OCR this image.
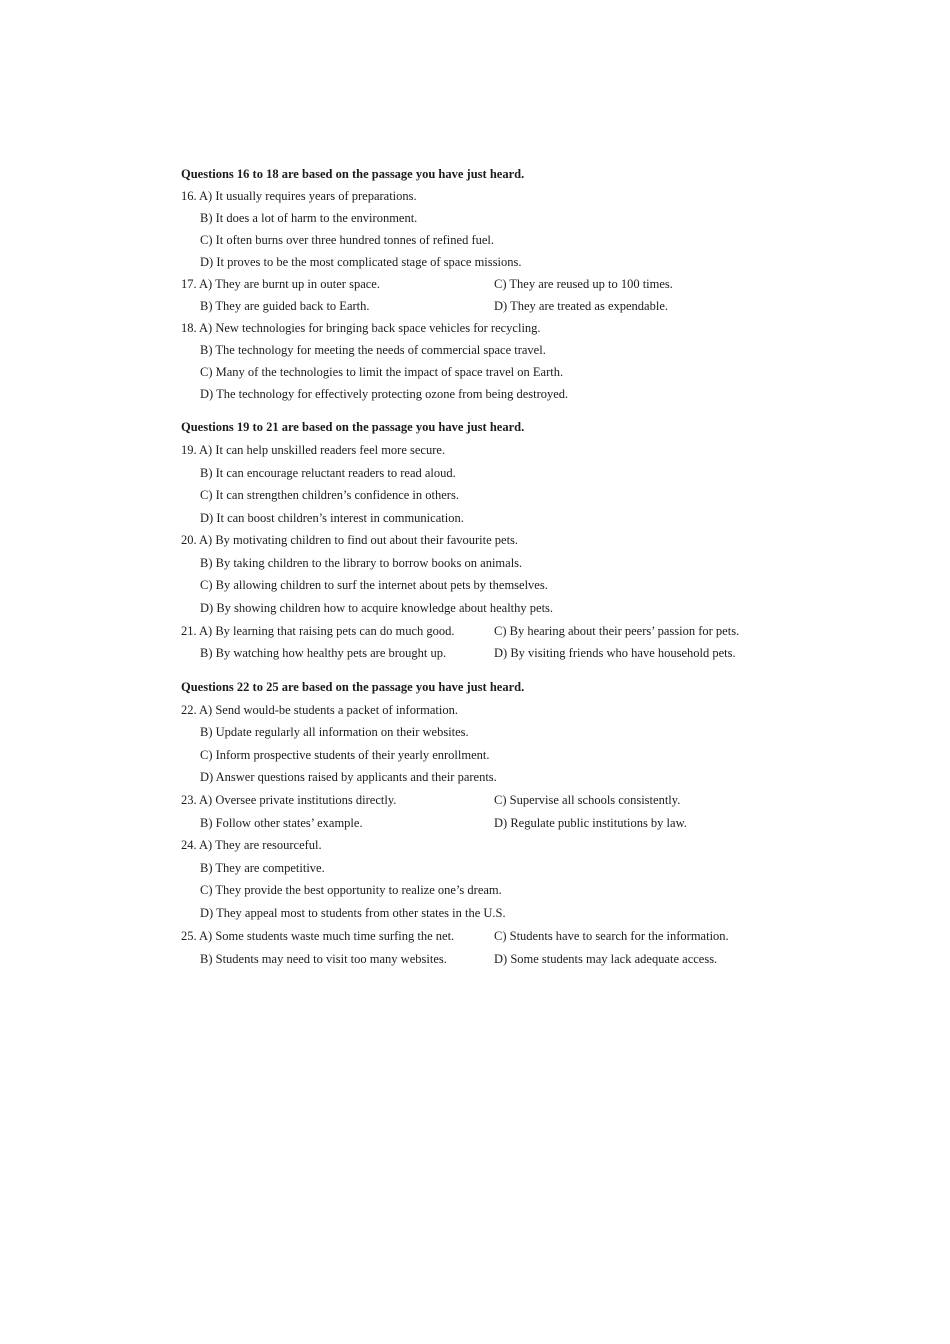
Questions 16 to 18 are based on the passage you have just heard.
16. A) It usually requires years of preparations.
B) It does a lot of harm to the environment.
C) It often burns over three hundred tonnes of refined fuel.
D) It proves to be the most complicated stage of space missions.
17. A) They are burnt up in outer space.	C) They are reused up to 100 times.
B) They are guided back to Earth.	D) They are treated as expendable.
18. A) New technologies for bringing back space vehicles for recycling.
B) The technology for meeting the needs of commercial space travel.
C) Many of the technologies to limit the impact of space travel on Earth.
D) The technology for effectively protecting ozone from being destroyed.
Questions 19 to 21 are based on the passage you have just heard.
19. A) It can help unskilled readers feel more secure.
B) It can encourage reluctant readers to read aloud.
C) It can strengthen children’s confidence in others.
D) It can boost children’s interest in communication.
20. A) By motivating children to find out about their favourite pets.
B) By taking children to the library to borrow books on animals.
C) By allowing children to surf the internet about pets by themselves.
D) By showing children how to acquire knowledge about healthy pets.
21. A) By learning that raising pets can do much good.	C) By hearing about their peers’ passion for pets.
B) By watching how healthy pets are brought up.	D) By visiting friends who have household pets.
Questions 22 to 25 are based on the passage you have just heard.
22. A) Send would-be students a packet of information.
B) Update regularly all information on their websites.
C) Inform prospective students of their yearly enrollment.
D) Answer questions raised by applicants and their parents.
23. A) Oversee private institutions directly.	C) Supervise all schools consistently.
B) Follow other states’ example.	D) Regulate public institutions by law.
24. A) They are resourceful.
B) They are competitive.
C) They provide the best opportunity to realize one’s dream.
D) They appeal most to students from other states in the U.S.
25. A) Some students waste much time surfing the net.	C) Students have to search for the information.
B) Students may need to visit too many websites.	D) Some students may lack adequate access.
